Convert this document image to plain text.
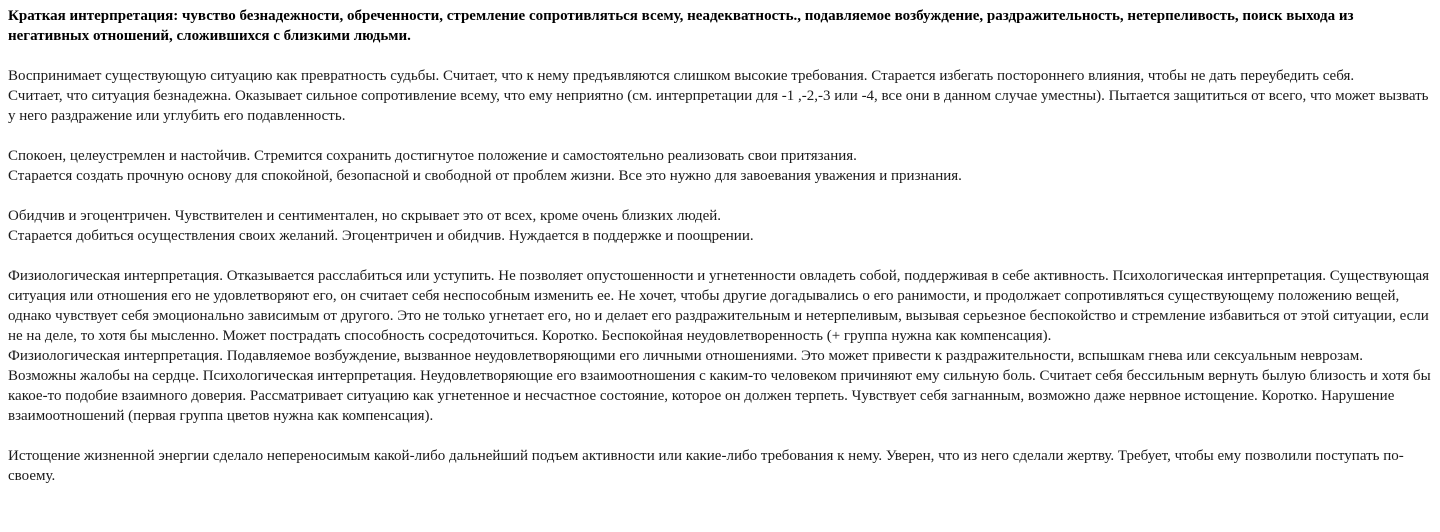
Краткая интерпретация: чувство безнадежности, обреченности, стремление сопротивляться всему, неадекватность., подавляемое возбуждение, раздражительность, нетерпеливость, поиск выхода из негативных отношений, сложившихся с близкими людьми.

Воспринимает существующую ситуацию как превратность судьбы. Считает, что к нему предъявляются слишком высокие требования. Старается избегать постороннего влияния, чтобы не дать переубедить себя.

Считает, что ситуация безнадежна. Оказывает сильное сопротивление всему, что ему неприятно (см. интерпретации для -1 ,-2,-3 или -4, все они в данном случае уместны). Пытается защититься от всего, что может вызвать у него раздражение или углубить его подавленность.

Спокоен, целеустремлен и настойчив. Стремится сохранить достигнутое положение и самостоятельно реализовать свои притязания.

Старается создать прочную основу для спокойной, безопасной и свободной от проблем жизни. Все это нужно для завоевания уважения и признания.

Обидчив и эгоцентричен. Чувствителен и сентиментален, но скрывает это от всех, кроме очень близких людей.

Старается добиться осуществления своих желаний. Эгоцентричен и обидчив. Нуждается в поддержке и поощрении.

Физиологическая интерпретация. Отказывается расслабиться или уступить. Не позволяет опустошенности и угнетенности овладеть собой, поддерживая в себе активность. Психологическая интерпретация. Существующая ситуация или отношения его не удовлетворяют его, он считает себя неспособным изменить ее. Не хочет, чтобы другие догадывались о его ранимости, и продолжает сопротивляться существующему положению вещей, однако чувствует себя эмоционально зависимым от другого. Это не только угнетает его, но и делает его раздражительным и нетерпеливым, вызывая серьезное беспокойство и стремление избавиться от этой ситуации, если не на деле, то хотя бы мысленно. Может пострадать способность сосредоточиться. Коротко. Беспокойная неудовлетворенность (+ группа нужна как компенсация).

Физиологическая интерпретация. Подавляемое возбуждение, вызванное неудовлетворяющими его личными отношениями. Это может привести к раздражительности, вспышкам гнева или сексуальным неврозам. Возможны жалобы на сердце. Психологическая интерпретация. Неудовлетворяющие его взаимоотношения с каким-то человеком причиняют ему сильную боль. Считает себя бессильным вернуть былую близость и хотя бы какое-то подобие взаимного доверия. Рассматривает ситуацию как угнетенное и несчастное состояние, которое он должен терпеть. Чувствует себя загнанным, возможно даже нервное истощение. Коротко. Нарушение взаимоотношений (первая группа цветов нужна как компенсация).

Истощение жизненной энергии сделало непереносимым какой-либо дальнейший подъем активности или какие-либо требования к нему. Уверен, что из него сделали жертву. Требует, чтобы ему позволили поступать по-своему.
